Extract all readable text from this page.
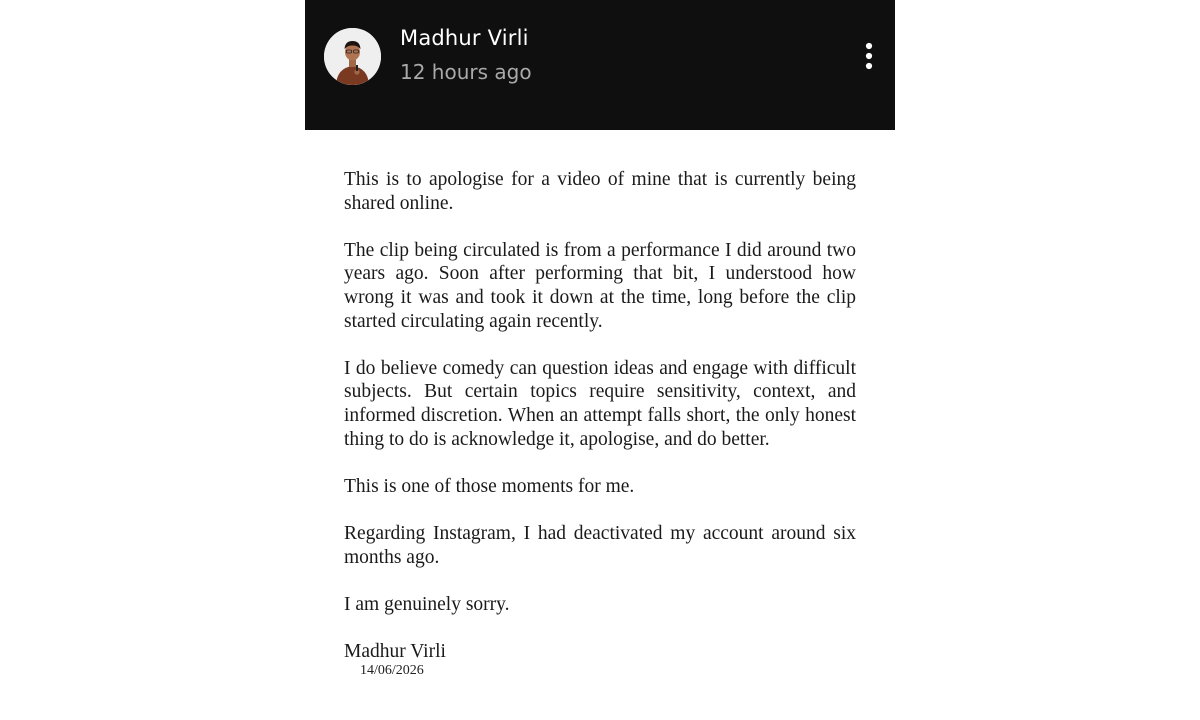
Madhur Virli
12 hours ago

This is to apologise for a video of mine that is currently being shared online.

The clip being circulated is from a performance I did around two years ago. Soon after performing that bit, I understood how wrong it was and took it down at the time, long before the clip started circulating again recently.

I do believe comedy can question ideas and engage with difficult subjects. But certain topics require sensitivity, context, and informed discretion. When an attempt falls short, the only honest thing to do is acknowledge it, apologise, and do better.

This is one of those moments for me.

Regarding Instagram, I had deactivated my account around six months ago.

I am genuinely sorry.

Madhur Virli

14/06/2026
